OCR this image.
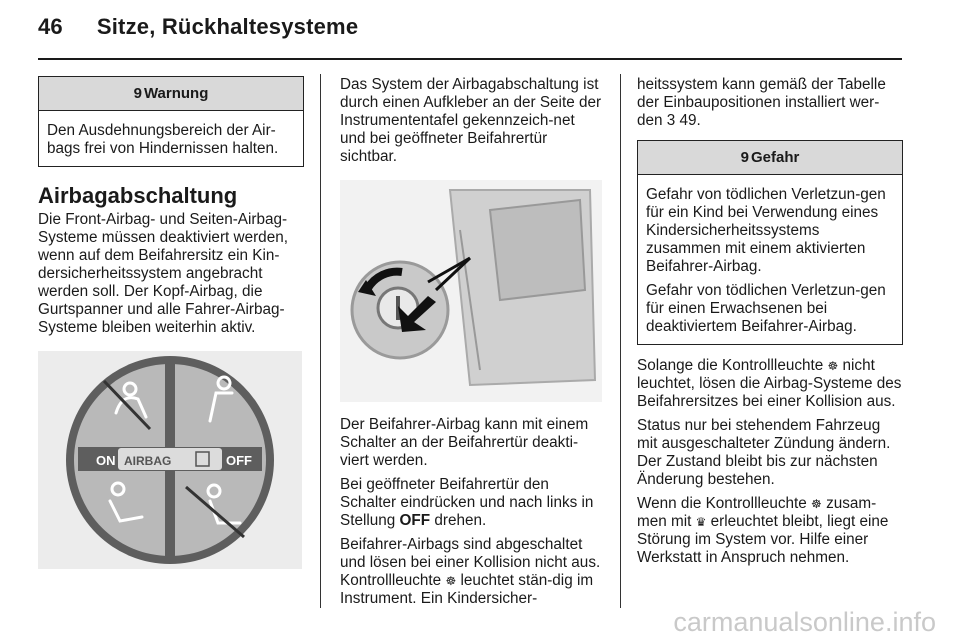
46 Sitze, Rückhaltesysteme
9 Warnung

Den Ausdehnungsbereich der Air-bags frei von Hindernissen halten.

Airbagabschaltung

Die Front-Airbag- und Seiten-Airbag-Systeme müssen deaktiviert werden, wenn auf dem Beifahrersitz ein Kin-dersicherheitssystem angebracht werden soll. Der Kopf-Airbag, die Gurtspanner und alle Fahrer-Airbag-Systeme bleiben weiterhin aktiv.

ON AIRBAG	OFF

Das System der Airbagabschaltung ist durch einen Aufkleber an der Seite der Instrumententafel gekennzeich-net und bei geöffneter Beifahrertür sichtbar.

Der Beifahrer-Airbag kann mit einem Schalter an der Beifahrertür deakti-viert werden.

Bei geöffneter Beifahrertür den Schalter eindrücken und nach links in Stellung OFF drehen.

Beifahrer-Airbags sind abgeschaltet und lösen bei einer Kollision nicht aus. Kontrollleuchte ☸​ leuchtet stän-dig im Instrument. Ein Kindersicher-

heitssystem kann gemäß der Tabelle der Einbaupositionen installiert wer-den 3 49.

9 Gefahr

Gefahr von tödlichen Verletzun-gen für ein Kind bei Verwendung eines Kindersicherheitssystems zusammen mit einem aktivierten Beifahrer-Airbag.

Gefahr von tödlichen Verletzun-gen für einen Erwachsenen bei deaktiviertem Beifahrer-Airbag.

Solange die Kontrollleuchte ☸ nicht leuchtet, lösen die Airbag-Systeme des Beifahrersitzes bei einer Kollision aus.

Status nur bei stehendem Fahrzeug mit ausgeschalteter Zündung ändern. Der Zustand bleibt bis zur nächsten Änderung bestehen.

Wenn die Kontrollleuchte ☸ zusam-men mit ♛ erleuchtet bleibt, liegt eine Störung im System vor. Hilfe einer Werkstatt in Anspruch nehmen.

carmanualsonline.info
